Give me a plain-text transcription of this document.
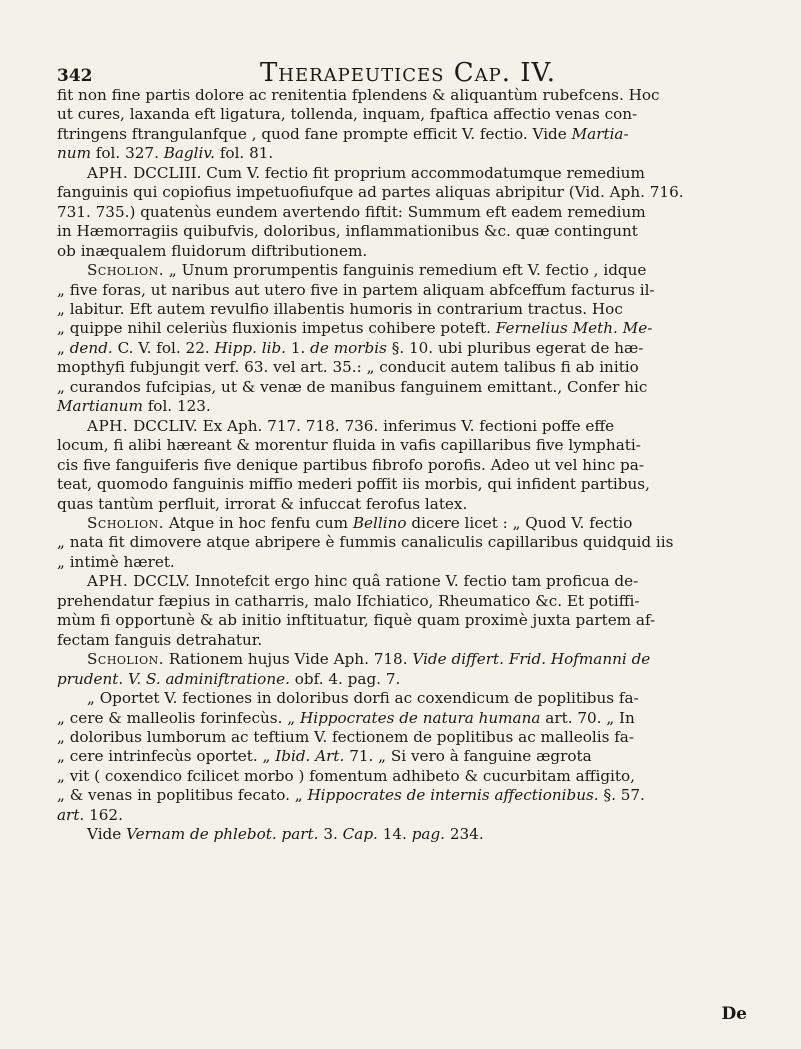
342	Therapeutices Cap. IV.

fit non fine partis dolore ac renitentia fplendens & aliquantùm rubefcens. Hoc

ut cures, laxanda eft ligatura, tollenda, inquam, fpaftica affectio venas con-

ftringens ftrangulanfque , quod fane prompte efficit V. fectio. Vide Martia-

num fol. 327. Bagliv. fol. 81.

APH. DCCLIII. Cum V. fectio fit proprium accommodatumque remedium

fanguinis qui copiofius impetuofiufque ad partes aliquas abripitur (Vid. Aph. 716.

731. 735.) quatenùs eundem avertendo fiftit: Summum eft eadem remedium

in Hæmorragiis quibufvis, doloribus, inflammationibus &c. quæ contingunt

ob inæqualem fluidorum diftributionem.

Scholion. „ Unum prorumpentis fanguinis remedium eft V. fectio , idque

„ five foras, ut naribus aut utero five in partem aliquam abfceffum facturus il-

„ labitur. Eft autem revulfio illabentis humoris in contrarium tractus. Hoc

„ quippe nihil celeriùs fluxionis impetus cohibere poteft. Fernelius Meth. Me-

„ dend. C. V. fol. 22. Hipp. lib. 1. de morbis §. 10. ubi pluribus egerat de hæ-

mopthyfi fubjungit verf. 63. vel art. 35.: „ conducit autem talibus fi ab initio

„ curandos fufcipias, ut & venæ de manibus fanguinem emittant., Confer hic

Martianum fol. 123.

APH. DCCLIV. Ex Aph. 717. 718. 736. inferimus V. fectioni poffe effe

locum, fi alibi hæreant & morentur fluida in vafis capillaribus five lymphati-

cis five fanguiferis five denique partibus fibrofo porofis. Adeo ut vel hinc pa-

teat, quomodo fanguinis miffio mederi poffit iis morbis, qui infident partibus,

quas tantùm perfluit, irrorat & infuccat ferofus latex.

Scholion. Atque in hoc fenfu cum Bellino dicere licet : „ Quod V. fectio

„ nata fit dimovere atque abripere è fummis canaliculis capillaribus quidquid iis

„ intimè hæret.

APH. DCCLV. Innotefcit ergo hinc quâ ratione V. fectio tam proficua de-

prehendatur fæpius in catharris, malo Ifchiatico, Rheumatico &c. Et potiffi-

mùm fi opportunè & ab initio inftituatur, fiquè quam proximè juxta partem af-

fectam fanguis detrahatur.

Scholion. Rationem hujus Vide Aph. 718. Vide differt. Frid. Hofmanni de

prudent. V. S. adminiftratione. obf. 4. pag. 7.

„ Oportet V. fectiones in doloribus dorfi ac coxendicum de poplitibus fa-

„ cere & malleolis forinfecùs. „ Hippocrates de natura humana art. 70. „ In

„ doloribus lumborum ac teftium V. fectionem de poplitibus ac malleolis fa-

„ cere intrinfecùs oportet. „ Ibid. Art. 71. „ Si vero à fanguine ægrota

„ vit ( coxendico fcilicet morbo ) fomentum adhibeto & cucurbitam affigito,

„ & venas in poplitibus fecato. „ Hippocrates de internis affectionibus. §. 57.

art. 162.

Vide Vernam de phlebot. part. 3. Cap. 14. pag. 234.

De
